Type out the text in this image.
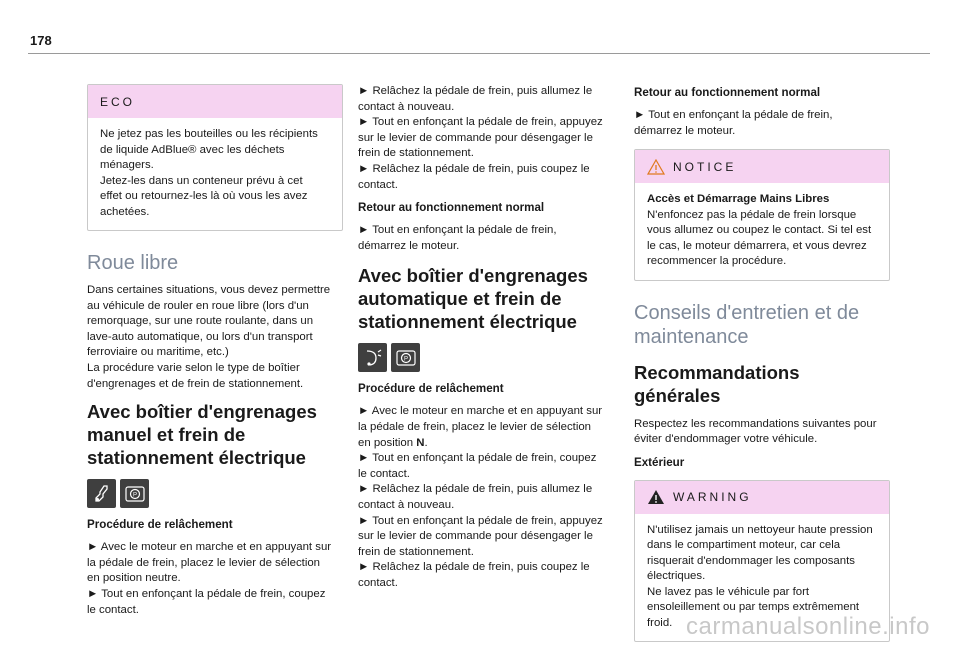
178
ECO

Ne jetez pas les bouteilles ou les récipients

de liquide AdBlue® avec les déchets

ménagers.

Jetez-les dans un conteneur prévu à cet

effet ou retournez-les là où vous les avez

achetées.

Roue libre
Dans certaines situations, vous devez permettre
au véhicule de rouler en roue libre (lors d'un
remorquage, sur une route roulante, dans un
lave-auto automatique, ou lors d'un transport
ferroviaire ou maritime, etc.)
La procédure varie selon le type de boîtier
d'engrenages et de frein de stationnement.
Avec boîtier d'engrenages
manuel et frein de
stationnement électrique
P
Procédure de relâchement
► Avec le moteur en marche et en appuyant sur
la pédale de frein, placez le levier de sélection
en position neutre.
► Tout en enfonçant la pédale de frein, coupez
le contact.
► Relâchez la pédale de frein, puis allumez le
contact à nouveau.
► Tout en enfonçant la pédale de frein, appuyez
sur le levier de commande pour désengager le
frein de stationnement.
► Relâchez la pédale de frein, puis coupez le
contact.
Retour au fonctionnement normal
► Tout en enfonçant la pédale de frein,
démarrez le moteur.
Avec boîtier d'engrenages
automatique et frein de
stationnement électrique
P
Procédure de relâchement
► Avec le moteur en marche et en appuyant sur
la pédale de frein, placez le levier de sélection
en position N.
► Tout en enfonçant la pédale de frein, coupez
le contact.
► Relâchez la pédale de frein, puis allumez le
contact à nouveau.
► Tout en enfonçant la pédale de frein, appuyez
sur le levier de commande pour désengager le
frein de stationnement.
► Relâchez la pédale de frein, puis coupez le
contact.
Retour au fonctionnement normal
► Tout en enfonçant la pédale de frein,
démarrez le moteur.
NOTICE

Accès et Démarrage Mains Libres

N'enfoncez pas la pédale de frein lorsque

vous allumez ou coupez le contact. Si tel est

le cas, le moteur démarrera, et vous devrez

recommencer la procédure.

Conseils d'entretien et de
maintenance
Recommandations
générales
Respectez les recommandations suivantes pour
éviter d'endommager votre véhicule.
Extérieur
WARNING

N'utilisez jamais un nettoyeur haute pression

dans le compartiment moteur, car cela

risquerait d'endommager les composants

électriques.

Ne lavez pas le véhicule par fort

ensoleillement ou par temps extrêmement

froid. carmanualsonline.info
